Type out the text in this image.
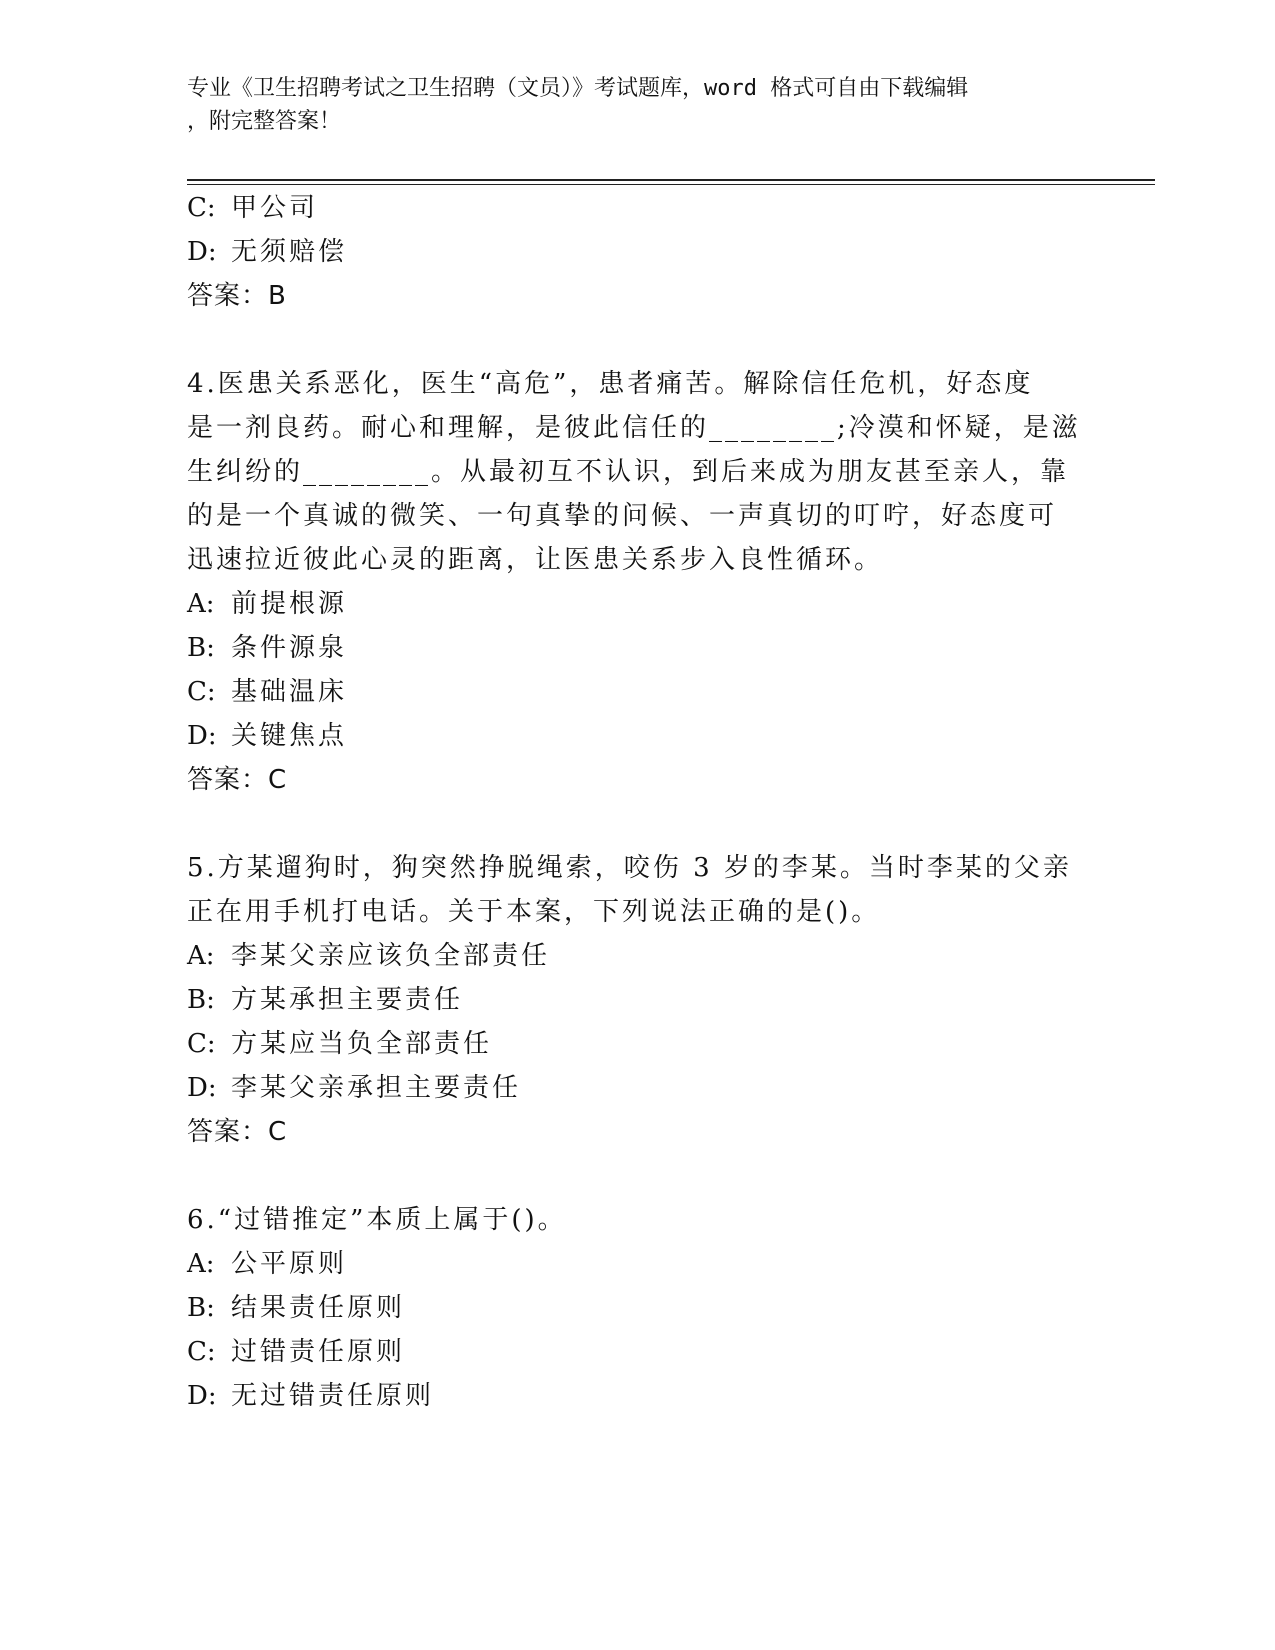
专业《卫生招聘考试之卫生招聘（文员）》考试题库，word 格式可自由下载编辑
，附完整答案！
C: 甲公司
D: 无须赔偿
答案：B
4.医患关系恶化，医生“高危”，患者痛苦。解除信任危机，好态度
是一剂良药。耐心和理解，是彼此信任的________;冷漠和怀疑，是滋
生纠纷的________。从最初互不认识，到后来成为朋友甚至亲人，靠
的是一个真诚的微笑、一句真挚的问候、一声真切的叮咛，好态度可
迅速拉近彼此心灵的距离，让医患关系步入良性循环。
A: 前提根源
B: 条件源泉
C: 基础温床
D: 关键焦点
答案：C
5.方某遛狗时，狗突然挣脱绳索，咬伤 3 岁的李某。当时李某的父亲
正在用手机打电话。关于本案，下列说法正确的是()。
A: 李某父亲应该负全部责任
B: 方某承担主要责任
C: 方某应当负全部责任
D: 李某父亲承担主要责任
答案：C
6.“过错推定”本质上属于()。
A: 公平原则
B: 结果责任原则
C: 过错责任原则
D: 无过错责任原则
